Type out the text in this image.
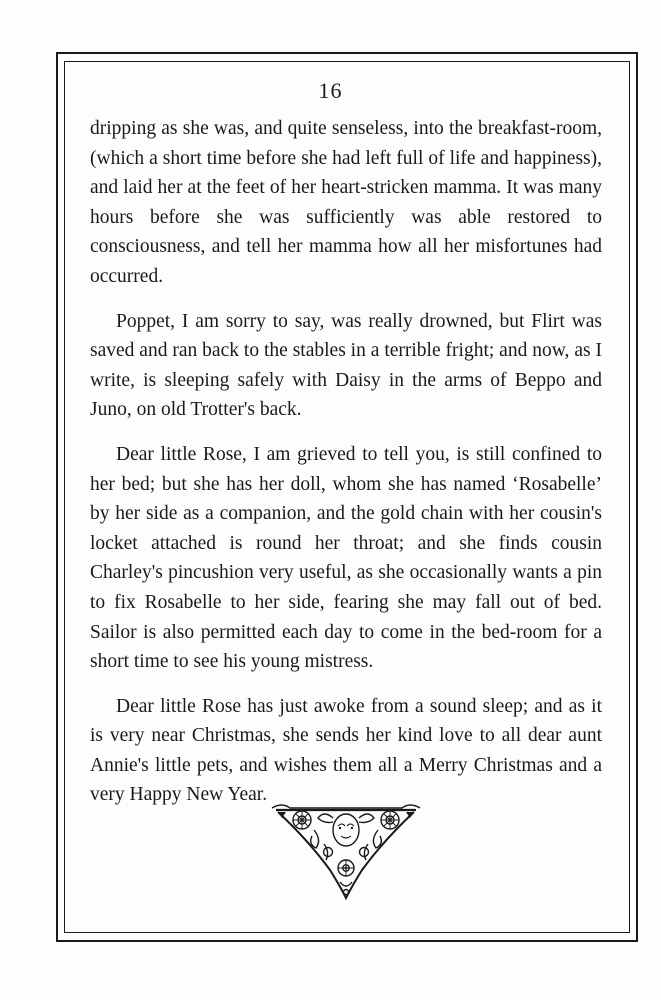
16

dripping as she was, and quite senseless, into the breakfast-room, (which a short time before she had left full of life and happiness), and laid her at the feet of her heart-stricken mamma. It was many hours before she was sufficiently was able restored to consciousness, and tell her mamma how all her misfortunes had occurred.

Poppet, I am sorry to say, was really drowned, but Flirt was saved and ran back to the stables in a terrible fright; and now, as I write, is sleeping safely with Daisy in the arms of Beppo and Juno, on old Trotter's back.

Dear little Rose, I am grieved to tell you, is still confined to her bed; but she has her doll, whom she has named ‘Rosabelle’ by her side as a companion, and the gold chain with her cousin's locket attached is round her throat; and she finds cousin Charley's pincushion very useful, as she occasionally wants a pin to fix Rosabelle to her side, fearing she may fall out of bed. Sailor is also permitted each day to come in the bed-room for a short time to see his young mistress.

Dear little Rose has just awoke from a sound sleep; and as it is very near Christmas, she sends her kind love to all dear aunt Annie's little pets, and wishes them all a Merry Christmas and a very Happy New Year.
